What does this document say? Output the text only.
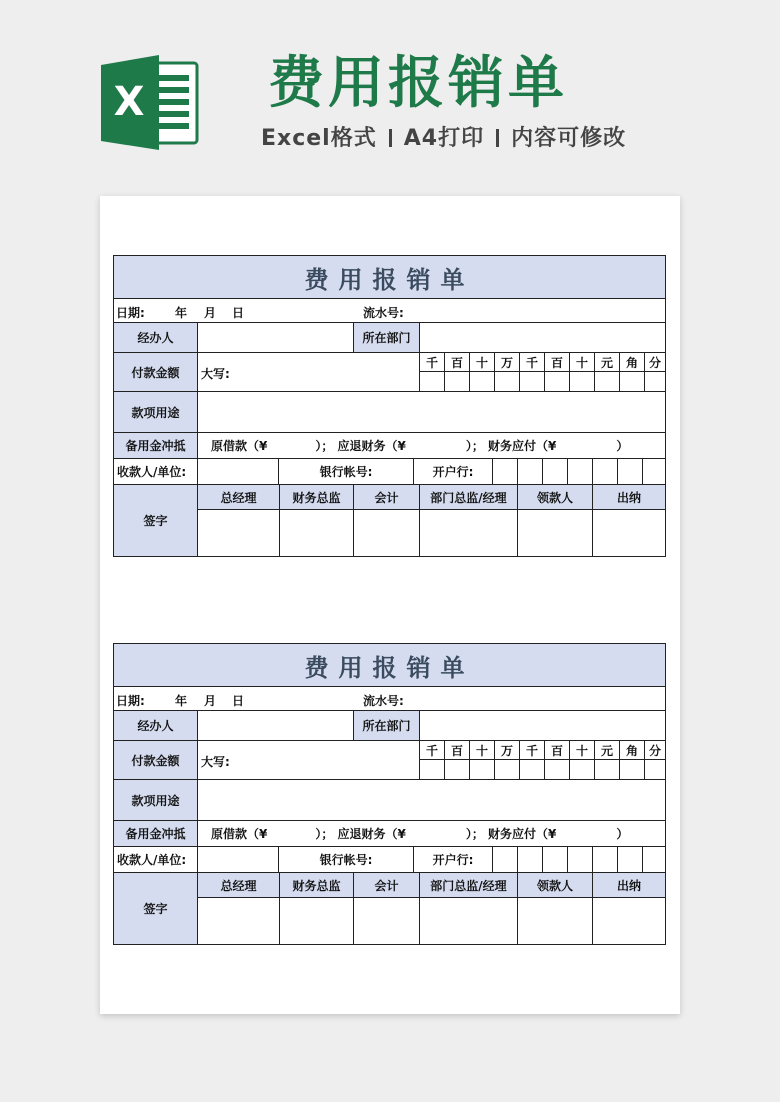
X 费用报销单
Excel格式 A4打印 内容可修改
费用报销单
日期:	年 月 日	流水号:
经办人	所在部门
付款金额	大写:
千	百	十	万	千	百	十	元	角 分
款项用途
备用金冲抵	原借款（¥　　　　）； 应退财务（¥　　　　　）； 财务应付（¥　　　　　）
收款人/单位:	银行帐号:	开户行:
签字
总经理	财务总监	会计	部门总监/经理	领款人	出纳
费用报销单
日期:	年 月 日	流水号:
经办人	所在部门
付款金额	大写:
千	百	十	万	千	百	十	元	角 分
款项用途
备用金冲抵	原借款（¥　　　　）； 应退财务（¥　　　　　）； 财务应付（¥　　　　　）
收款人/单位:	银行帐号:	开户行:
签字
总经理	财务总监	会计	部门总监/经理	领款人	出纳
